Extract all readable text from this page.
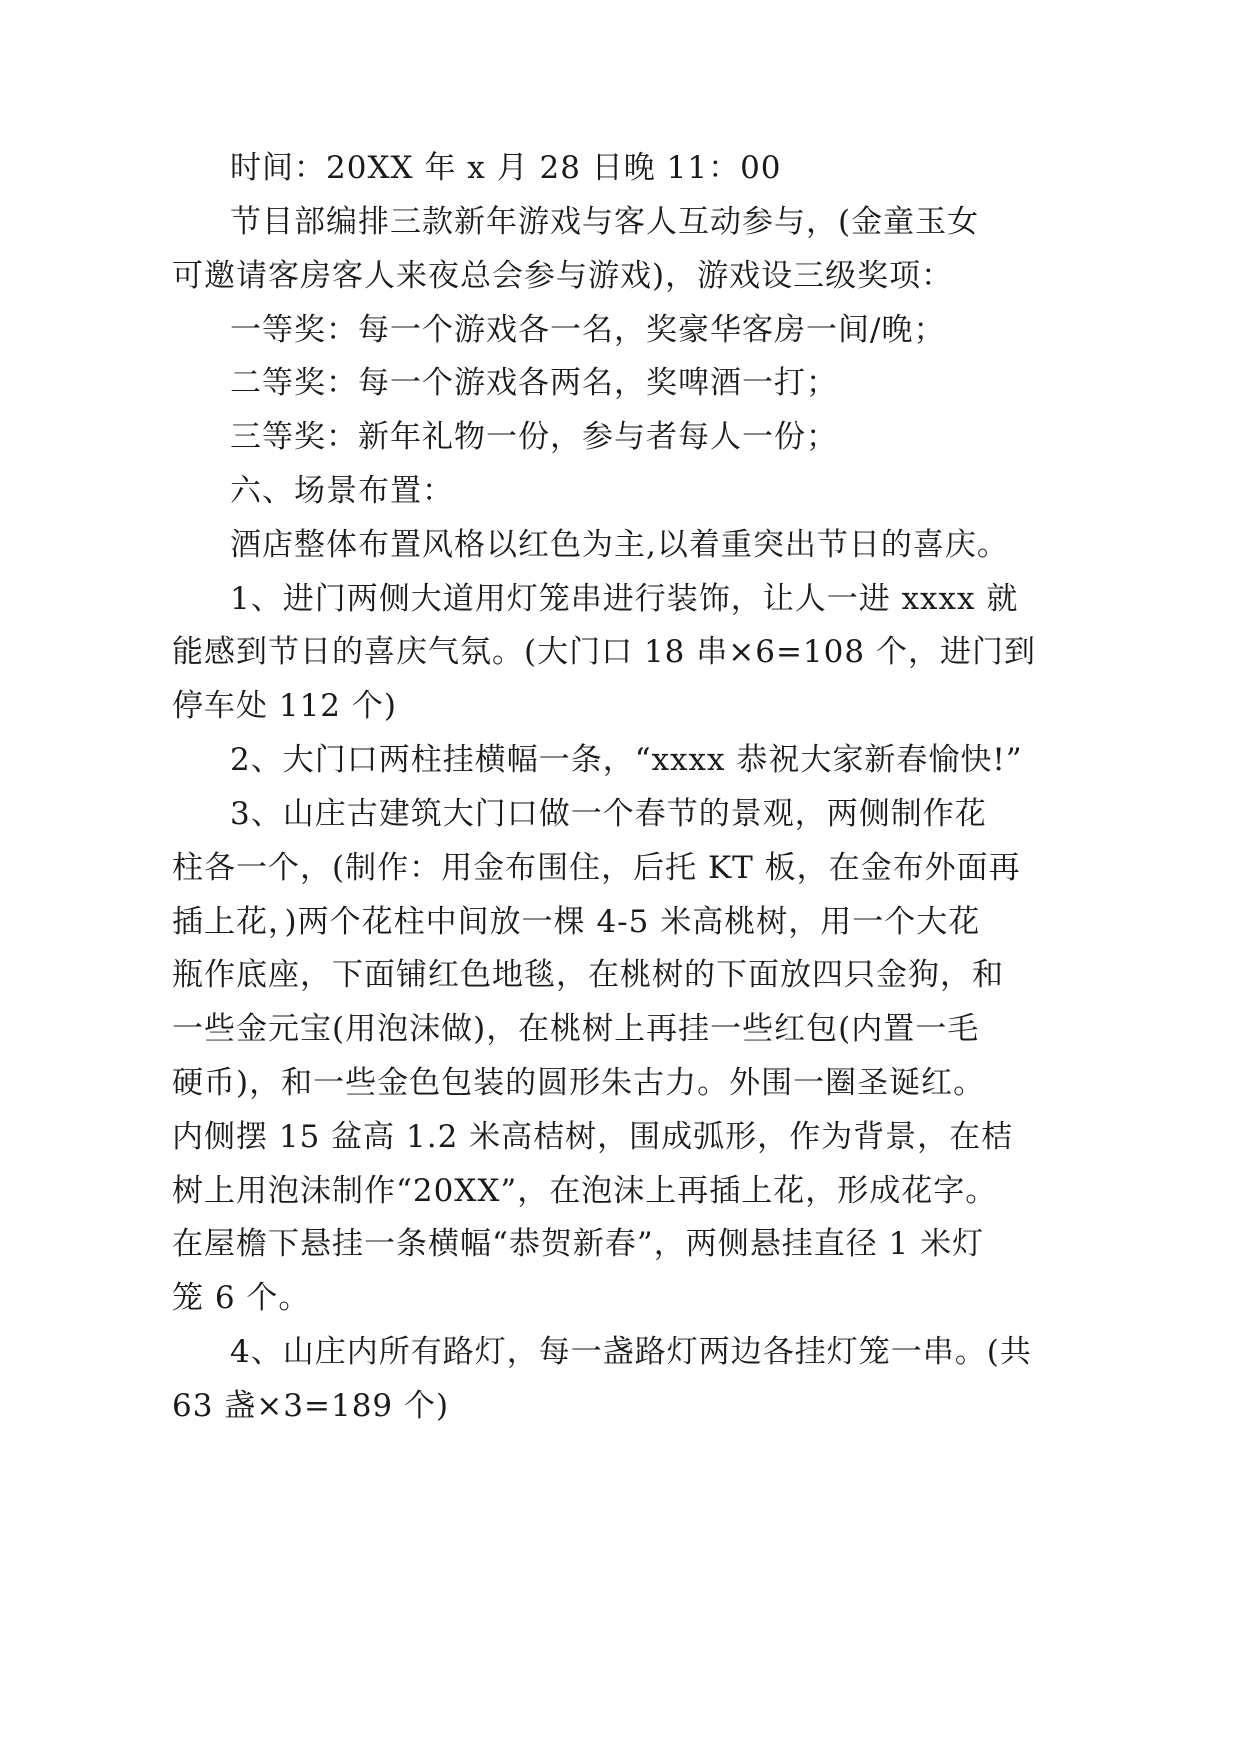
时间：20XX 年 x 月 28 日晚 11：00

节目部编排三款新年游戏与客人互动参与，(金童玉女

可邀请客房客人来夜总会参与游戏)，游戏设三级奖项：

一等奖：每一个游戏各一名，奖豪华客房一间/晚；

二等奖：每一个游戏各两名，奖啤酒一打；

三等奖：新年礼物一份，参与者每人一份；

六、场景布置：

酒店整体布置风格以红色为主,以着重突出节日的喜庆。

1、进门两侧大道用灯笼串进行装饰，让人一进 xxxx 就

能感到节日的喜庆气氛。(大门口 18 串×6=108 个，进门到

停车处 112 个)

2、大门口两柱挂横幅一条，“xxxx 恭祝大家新春愉快!”

3、山庄古建筑大门口做一个春节的景观，两侧制作花

柱各一个，(制作：用金布围住，后托 KT 板，在金布外面再

插上花，)两个花柱中间放一棵 4-5 米高桃树，用一个大花

瓶作底座，下面铺红色地毯，在桃树的下面放四只金狗，和

一些金元宝(用泡沫做)，在桃树上再挂一些红包(内置一毛

硬币)，和一些金色包装的圆形朱古力。外围一圈圣诞红。

内侧摆 15 盆高 1.2 米高桔树，围成弧形，作为背景，在桔

树上用泡沫制作“20XX”，在泡沫上再插上花，形成花字。

在屋檐下悬挂一条横幅“恭贺新春”，两侧悬挂直径 1 米灯

笼 6 个。

4、山庄内所有路灯，每一盏路灯两边各挂灯笼一串。(共

63 盏×3=189 个)
